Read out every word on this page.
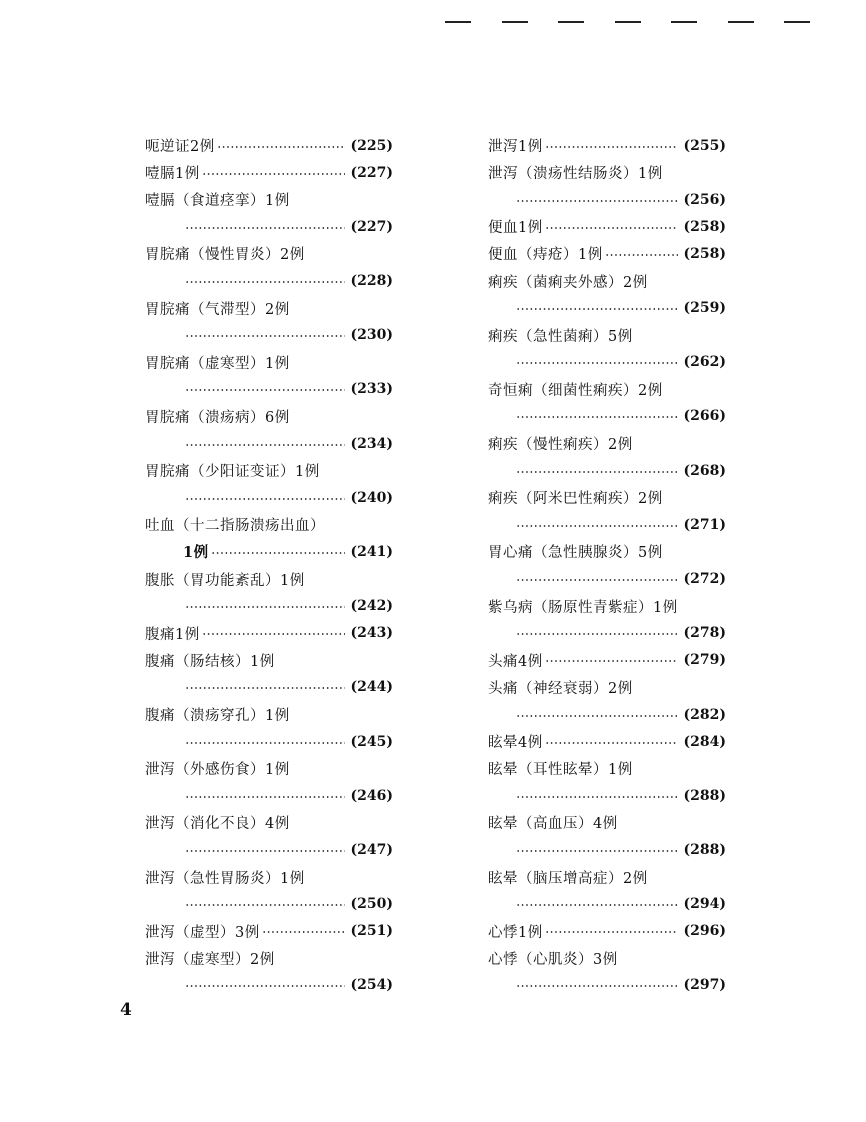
呃逆证2例	(225)
噎膈1例	(227)
噎膈（食道痉挛）1例
(227)
胃脘痛（慢性胃炎）2例
(228)
胃脘痛（气滞型）2例
(230)
胃脘痛（虚寒型）1例
(233)
胃脘痛（溃疡病）6例
(234)
胃脘痛（少阳证变证）1例
(240)
吐血（十二指肠溃疡出血）
1例	(241)
腹胀（胃功能紊乱）1例
(242)
腹痛1例	(243)
腹痛（肠结核）1例
(244)
腹痛（溃疡穿孔）1例
(245)
泄泻（外感伤食）1例
(246)
泄泻（消化不良）4例
(247)
泄泻（急性胃肠炎）1例
(250)
泄泻（虚型）3例	(251)
泄泻（虚寒型）2例
(254)
泄泻1例	(255)
泄泻（溃疡性结肠炎）1例
(256)
便血1例	(258)
便血（痔疮）1例	(258)
痢疾（菌痢夹外感）2例
(259)
痢疾（急性菌痢）5例
(262)
奇恒痢（细菌性痢疾）2例
(266)
痢疾（慢性痢疾）2例
(268)
痢疾（阿米巴性痢疾）2例
(271)
胃心痛（急性胰腺炎）5例
(272)
紫乌病（肠原性青紫症）1例
(278)
头痛4例	(279)
头痛（神经衰弱）2例
(282)
眩晕4例	(284)
眩晕（耳性眩晕）1例
(288)
眩晕（高血压）4例
(288)
眩晕（脑压增高症）2例
(294)
心悸1例	(296)
心悸（心肌炎）3例
(297)
4
